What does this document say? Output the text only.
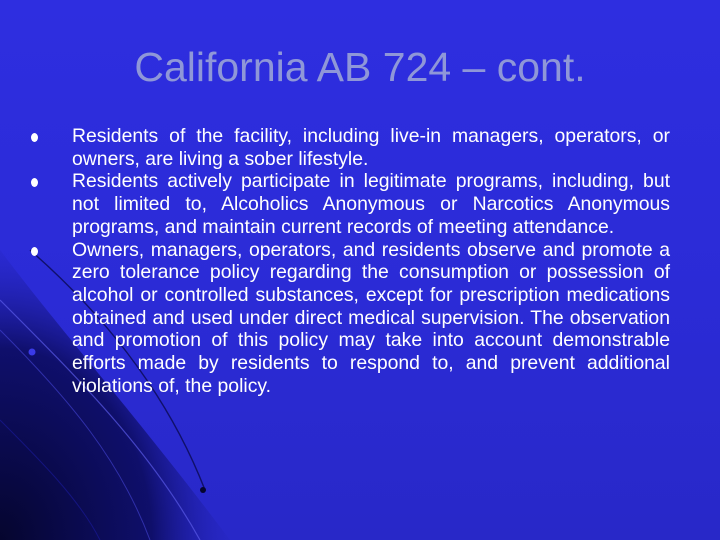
California AB 724 – cont.
Residents of the facility, including live-in managers, operators, or owners, are living a sober lifestyle.
Residents actively participate in legitimate programs, including, but not limited to, Alcoholics Anonymous or Narcotics Anonymous programs, and maintain current records of meeting attendance.
Owners, managers, operators, and residents observe and promote a zero tolerance policy regarding the consumption or possession of alcohol or controlled substances, except for prescription medications obtained and used under direct medical supervision. The observation and promotion of this policy may take into account demonstrable efforts made by residents to respond to, and prevent additional violations of, the policy.
